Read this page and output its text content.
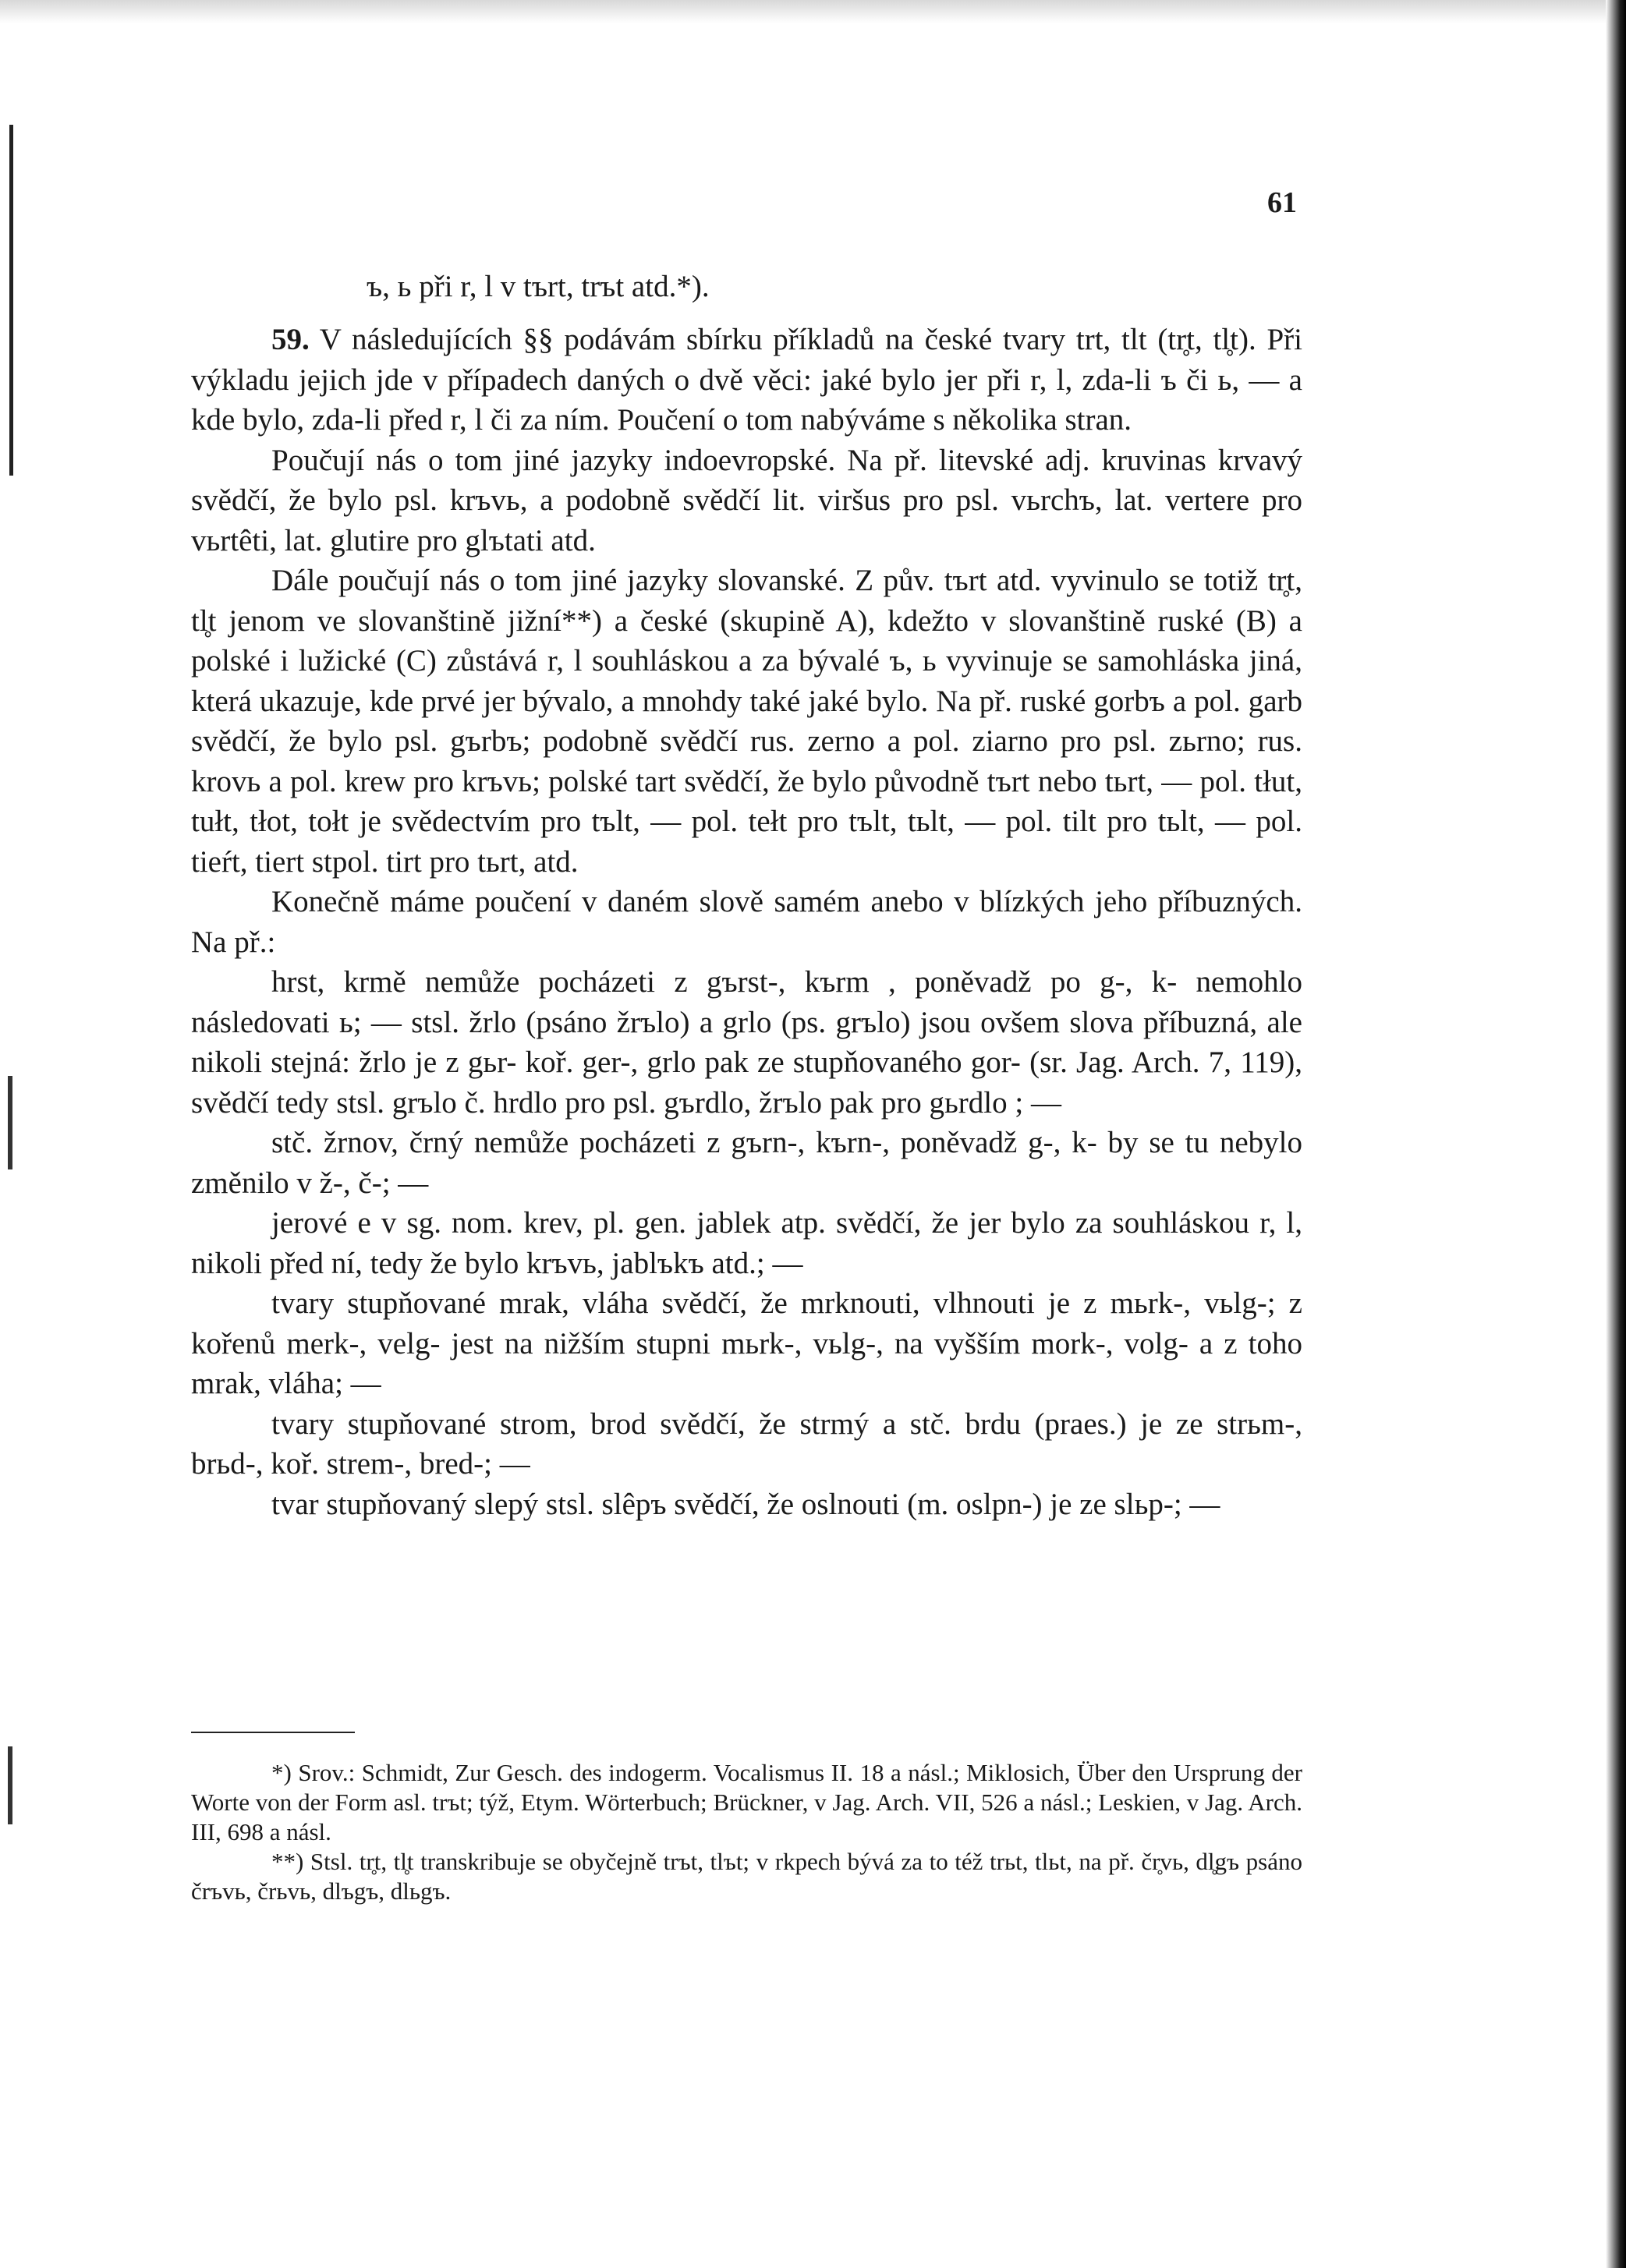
61
ъ, ь při r, l v tъrt, trъt atd.*).

59. V následujících §§ podávám sbírku příkladů na české tvary trt, tlt (tr̥t, tl̥t). Při výkladu jejich jde v případech daných o dvě věci: jaké bylo jer při r, l, zda-li ъ či ь, — a kde bylo, zda-li před r, l či za ním. Poučení o tom nabýváme s několika stran.

Poučují nás o tom jiné jazyky indoevropské. Na př. litevské adj. kruvinas krvavý svědčí, že bylo psl. krъvь, a podobně svědčí lit. viršus pro psl. vьrchъ, lat. vertere pro vьrtêti, lat. glutire pro glъtati atd.

Dále poučují nás o tom jiné jazyky slovanské. Z pův. tъrt atd. vyvinulo se totiž tr̥t, tl̥t jenom ve slovanštině jižní**) a české (skupině A), kdežto v slovanštině ruské (B) a polské i lužické (C) zůstává r, l souhláskou a za bývalé ъ, ь vyvinuje se samohláska jiná, která ukazuje, kde prvé jer bývalo, a mnohdy také jaké bylo. Na př. ruské gorbъ a pol. garb svědčí, že bylo psl. gъrbъ; podobně svědčí rus. zerno a pol. ziarno pro psl. zьrno; rus. krovь a pol. krew pro krъvь; polské tart svědčí, že bylo původně tъrt nebo tьrt, — pol. tłut, tułt, tłot, tołt je svědectvím pro tъlt, — pol. tełt pro tъlt, tьlt, — pol. tilt pro tьlt, — pol. tieŕt, tiert stpol. tirt pro tьrt, atd.

Konečně máme poučení v daném slově samém anebo v blízkých jeho příbuzných. Na př.:

hrst, krmě nemůže pocházeti z gъrst-, kъrm , poněvadž po g-, k- nemohlo následovati ь; — stsl. žrlo (psáno žrъlo) a grlo (ps. grъlo) jsou ovšem slova příbuzná, ale nikoli stejná: žrlo je z gьr- koř. ger-, grlo pak ze stupňovaného gor- (sr. Jag. Arch. 7, 119), svědčí tedy stsl. grъlo č. hrdlo pro psl. gъrdlo, žrъlo pak pro gьrdlo ; —

stč. žrnov, črný nemůže pocházeti z gъrn-, kъrn-, poněvadž g-, k- by se tu nebylo změnilo v ž-, č-; —

jerové e v sg. nom. krev, pl. gen. jablek atp. svědčí, že jer bylo za souhláskou r, l, nikoli před ní, tedy že bylo krъvь, jablъkъ atd.; —

tvary stupňované mrak, vláha svědčí, že mrknouti, vlhnouti je z mьrk-, vьlg-; z kořenů merk-, velg- jest na nižším stupni mьrk-, vьlg-, na vyšším mork-, volg- a z toho mrak, vláha; —

tvary stupňované strom, brod svědčí, že strmý a stč. brdu (praes.) je ze strьm-, brьd-, koř. strem-, bred-; —

tvar stupňovaný slepý stsl. slêpъ svědčí, že oslnouti (m. oslpn-) je ze slьp-; —

*) Srov.: Schmidt, Zur Gesch. des indogerm. Vocalismus II. 18 a násl.; Miklosich, Über den Ursprung der Worte von der Form asl. trъt; týž, Etym. Wörterbuch; Brückner, v Jag. Arch. VII, 526 a násl.; Leskien, v Jag. Arch. III, 698 a násl.

**) Stsl. tr̥t, tl̥t transkribuje se obyčejně trъt, tlъt; v rkpech bývá za to též trьt, tlьt, na př. čr̥vь, dl̥gъ psáno črъvь, črьvь, dlъgъ, dlьgъ.
